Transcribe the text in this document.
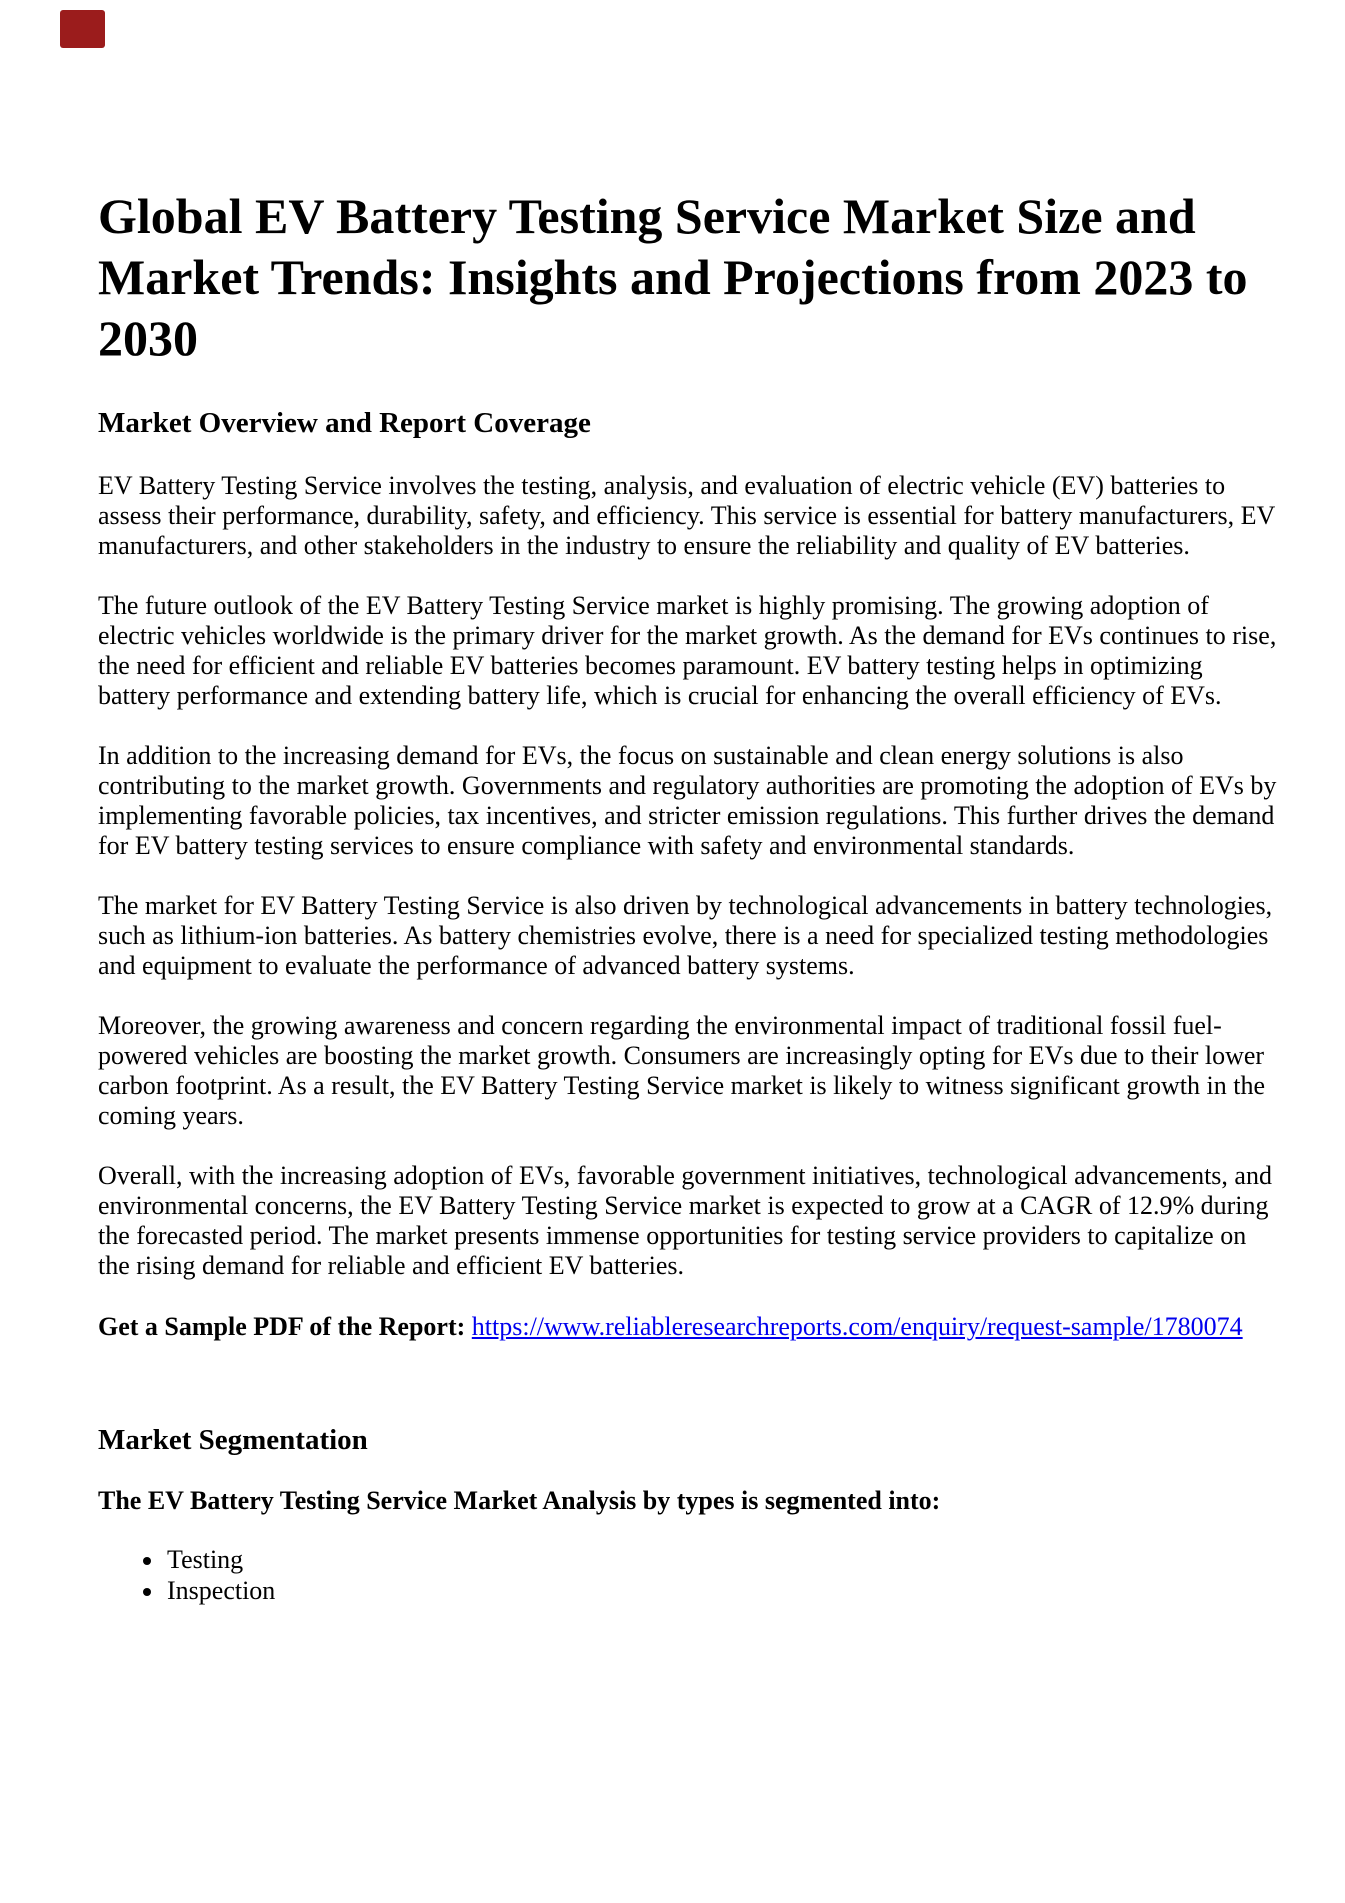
Global EV Battery Testing Service Market Size and Market Trends: Insights and Projections from 2023 to 2030
Market Overview and Report Coverage

EV Battery Testing Service involves the testing, analysis, and evaluation of electric vehicle (EV) batteries to assess their performance, durability, safety, and efficiency. This service is essential for battery manufacturers, EV manufacturers, and other stakeholders in the industry to ensure the reliability and quality of EV batteries.

The future outlook of the EV Battery Testing Service market is highly promising. The growing adoption of electric vehicles worldwide is the primary driver for the market growth. As the demand for EVs continues to rise, the need for efficient and reliable EV batteries becomes paramount. EV battery testing helps in optimizing battery performance and extending battery life, which is crucial for enhancing the overall efficiency of EVs.

In addition to the increasing demand for EVs, the focus on sustainable and clean energy solutions is also contributing to the market growth. Governments and regulatory authorities are promoting the adoption of EVs by implementing favorable policies, tax incentives, and stricter emission regulations. This further drives the demand for EV battery testing services to ensure compliance with safety and environmental standards.

The market for EV Battery Testing Service is also driven by technological advancements in battery technologies, such as lithium-ion batteries. As battery chemistries evolve, there is a need for specialized testing methodologies and equipment to evaluate the performance of advanced battery systems.

Moreover, the growing awareness and concern regarding the environmental impact of traditional fossil fuel-powered vehicles are boosting the market growth. Consumers are increasingly opting for EVs due to their lower carbon footprint. As a result, the EV Battery Testing Service market is likely to witness significant growth in the coming years.

Overall, with the increasing adoption of EVs, favorable government initiatives, technological advancements, and environmental concerns, the EV Battery Testing Service market is expected to grow at a CAGR of 12.9% during the forecasted period. The market presents immense opportunities for testing service providers to capitalize on the rising demand for reliable and efficient EV batteries.

Get a Sample PDF of the Report: https://www.reliableresearchreports.com/enquiry/request-sample/1780074

Market Segmentation

The EV Battery Testing Service Market Analysis by types is segmented into:

• Testing
• Inspection
